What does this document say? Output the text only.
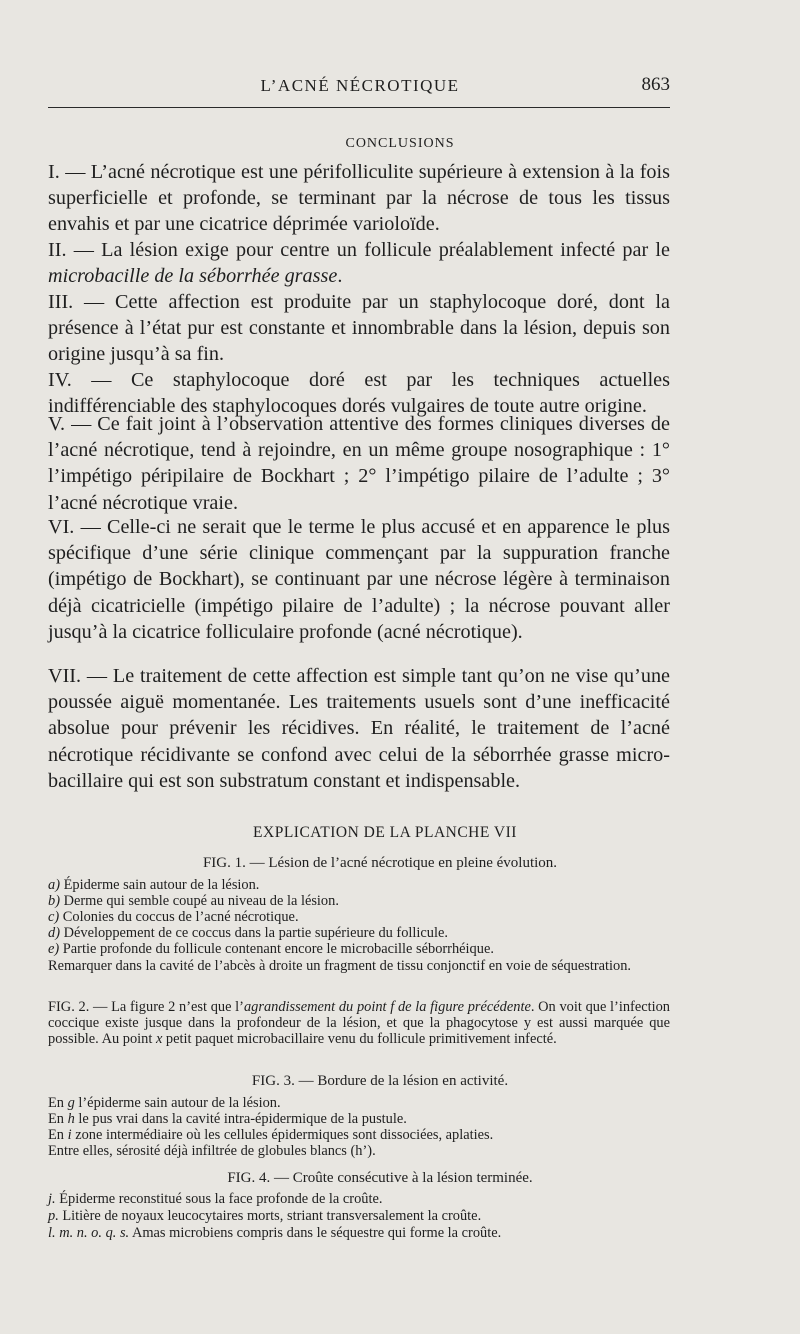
L’ACNÉ NÉCROTIQUE	863
CONCLUSIONS

I. — L’acné nécrotique est une périfolliculite supérieure à extension à la fois superficielle et profonde, se terminant par la nécrose de tous les tissus envahis et par une cicatrice déprimée varioloïde.

II. — La lésion exige pour centre un follicule préalablement infecté par le microbacille de la séborrhée grasse.

III. — Cette affection est produite par un staphylocoque doré, dont la présence à l’état pur est constante et innombrable dans la lésion, depuis son origine jusqu’à sa fin.

IV. — Ce staphylocoque doré est par les techniques actuelles indifférenciable des staphylocoques dorés vulgaires de toute autre origine.

V. — Ce fait joint à l’observation attentive des formes cliniques diverses de l’acné nécrotique, tend à rejoindre, en un même groupe nosographique : 1° l’impétigo péripilaire de Bockhart ; 2° l’impétigo pilaire de l’adulte ; 3° l’acné nécrotique vraie.

VI. — Celle-ci ne serait que le terme le plus accusé et en apparence le plus spécifique d’une série clinique commençant par la suppuration franche (impétigo de Bockhart), se continuant par une nécrose légère à terminaison déjà cicatricielle (impétigo pilaire de l’adulte) ; la nécrose pouvant aller jusqu’à la cicatrice folliculaire profonde (acné nécrotique).

VII. — Le traitement de cette affection est simple tant qu’on ne vise qu’une poussée aiguë momentanée. Les traitements usuels sont d’une inefficacité absolue pour prévenir les récidives. En réalité, le traitement de l’acné nécrotique récidivante se confond avec celui de la séborrhée grasse micro-bacillaire qui est son substratum constant et indispensable.

EXPLICATION DE LA PLANCHE VII
FIG. 1. — Lésion de l’acné nécrotique en pleine évolution.

a) Épiderme sain autour de la lésion.

b) Derme qui semble coupé au niveau de la lésion.

c) Colonies du coccus de l’acné nécrotique.

d) Développement de ce coccus dans la partie supérieure du follicule.

e) Partie profonde du follicule contenant encore le microbacille séborrhéique.

Remarquer dans la cavité de l’abcès à droite un fragment de tissu conjonctif en voie de séquestration.

FIG. 2. — La figure 2 n’est que l’agrandissement du point f de la figure précédente. On voit que l’infection coccique existe jusque dans la profondeur de la lésion, et que la phagocytose y est aussi marquée que possible. Au point x petit paquet microbacillaire venu du follicule primitivement infecté.

FIG. 3. — Bordure de la lésion en activité.

En g l’épiderme sain autour de la lésion.

En h le pus vrai dans la cavité intra-épidermique de la pustule.

En i zone intermédiaire où les cellules épidermiques sont dissociées, aplaties.

Entre elles, sérosité déjà infiltrée de globules blancs (h’).

FIG. 4. — Croûte consécutive à la lésion terminée.

j. Épiderme reconstitué sous la face profonde de la croûte.

p. Litière de noyaux leucocytaires morts, striant transversalement la croûte.

l. m. n. o. q. s. Amas microbiens compris dans le séquestre qui forme la croûte.
